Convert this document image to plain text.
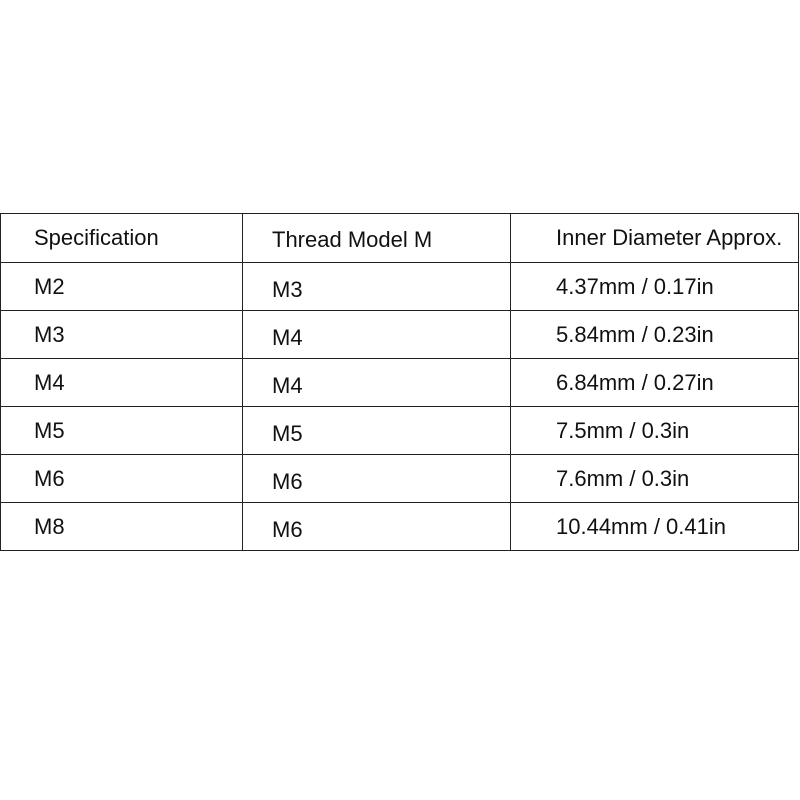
Specification	Thread Model M	Inner Diameter Approx.
M2	M3	4.37mm / 0.17in
M3	M4	5.84mm / 0.23in
M4	M4	6.84mm / 0.27in
M5	M5	7.5mm / 0.3in
M6	M6	7.6mm / 0.3in
M8	M6	10.44mm / 0.41in
